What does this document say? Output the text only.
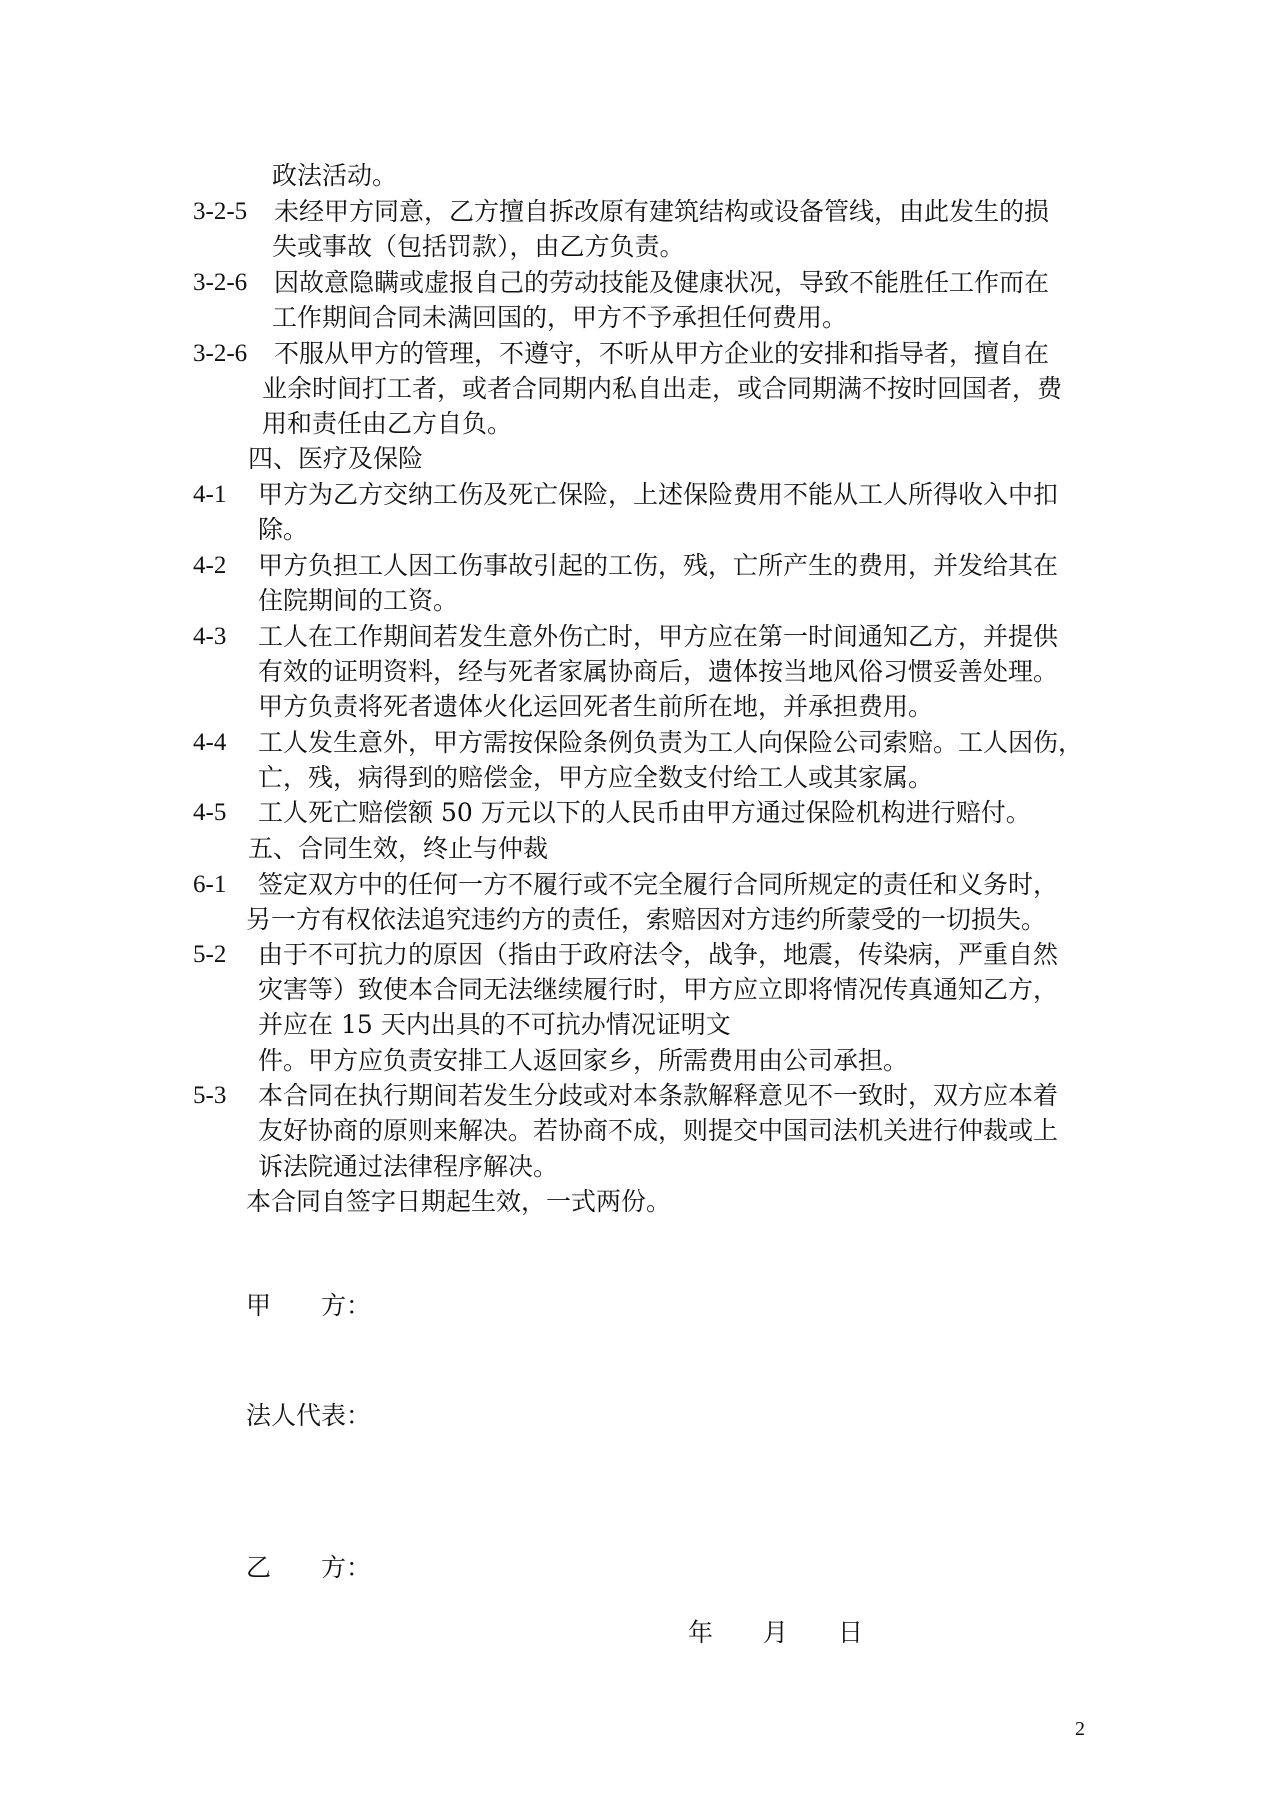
政法活动。
3-2-5 未经甲方同意，乙方擅自拆改原有建筑结构或设备管线，由此发生的损
失或事故（包括罚款），由乙方负责。
3-2-6 因故意隐瞒或虚报自己的劳动技能及健康状况，导致不能胜任工作而在
工作期间合同未满回国的，甲方不予承担任何费用。
3-2-6 不服从甲方的管理，不遵守，不听从甲方企业的安排和指导者，擅自在
业余时间打工者，或者合同期内私自出走，或合同期满不按时回国者，费
用和责任由乙方自负。
四、医疗及保险
4-1 甲方为乙方交纳工伤及死亡保险，上述保险费用不能从工人所得收入中扣
除。
4-2 甲方负担工人因工伤事故引起的工伤，残，亡所产生的费用，并发给其在
住院期间的工资。
4-3 工人在工作期间若发生意外伤亡时，甲方应在第一时间通知乙方，并提供
有效的证明资料，经与死者家属协商后，遗体按当地风俗习惯妥善处理。
甲方负责将死者遗体火化运回死者生前所在地，并承担费用。
4-4 工人发生意外，甲方需按保险条例负责为工人向保险公司索赔。工人因伤，
亡，残，病得到的赔偿金，甲方应全数支付给工人或其家属。
4-5 工人死亡赔偿额 50 万元以下的人民币由甲方通过保险机构进行赔付。
五、合同生效，终止与仲裁
6-1 签定双方中的任何一方不履行或不完全履行合同所规定的责任和义务时，
另一方有权依法追究违约方的责任，索赔因对方违约所蒙受的一切损失。
5-2 由于不可抗力的原因（指由于政府法令，战争，地震，传染病，严重自然
灾害等）致使本合同无法继续履行时，甲方应立即将情况传真通知乙方，
并应在 15 天内出具的不可抗办情况证明文
件。甲方应负责安排工人返回家乡，所需费用由公司承担。
5-3 本合同在执行期间若发生分歧或对本条款解释意见不一致时，双方应本着
友好协商的原则来解决。若协商不成，则提交中国司法机关进行仲裁或上
诉法院通过法律程序解决。
本合同自签字日期起生效，一式两份。
甲　　方：
法人代表：
乙　　方：
年　　月　　日
2
